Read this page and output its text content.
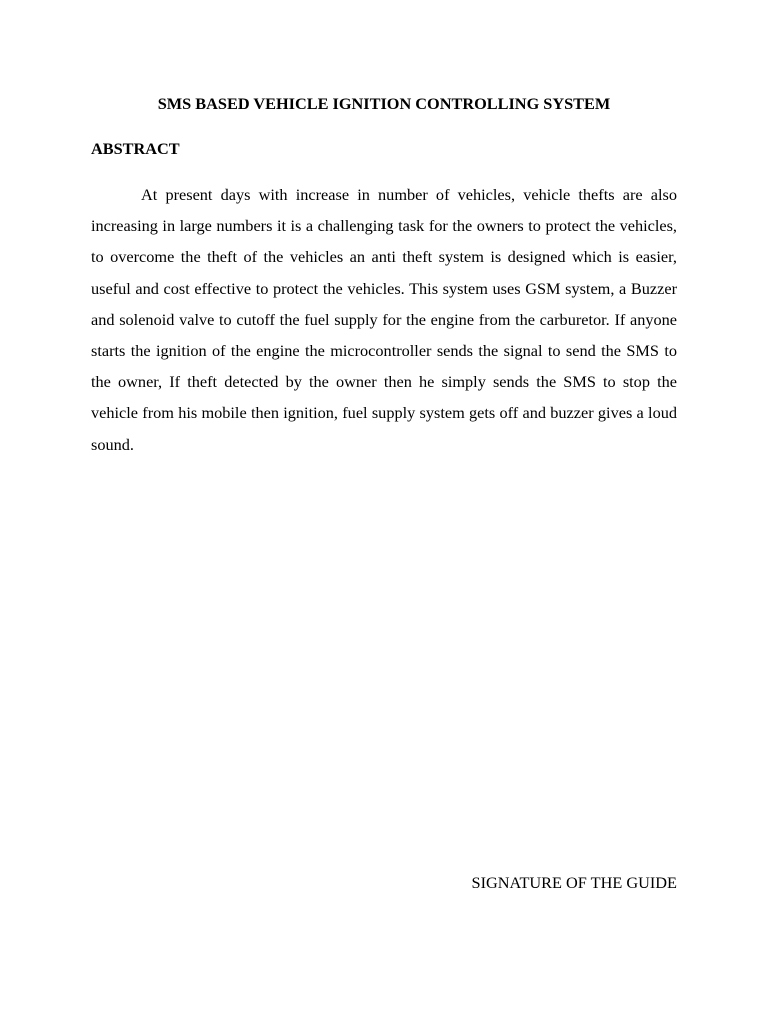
SMS BASED VEHICLE IGNITION CONTROLLING SYSTEM
ABSTRACT

At present days with increase in number of vehicles, vehicle thefts are also increasing in large numbers it is a challenging task for the owners to protect the vehicles, to overcome the theft of the vehicles an anti theft system is designed which is easier, useful and cost effective to protect the vehicles. This system uses GSM system, a Buzzer and solenoid valve to cutoff the fuel supply for the engine from the carburetor. If anyone starts the ignition of the engine the microcontroller sends the signal to send the SMS to the owner, If theft detected by the owner then he simply sends the SMS to stop the vehicle from his mobile then ignition, fuel supply system gets off and buzzer gives a loud sound.

SIGNATURE OF THE GUIDE
